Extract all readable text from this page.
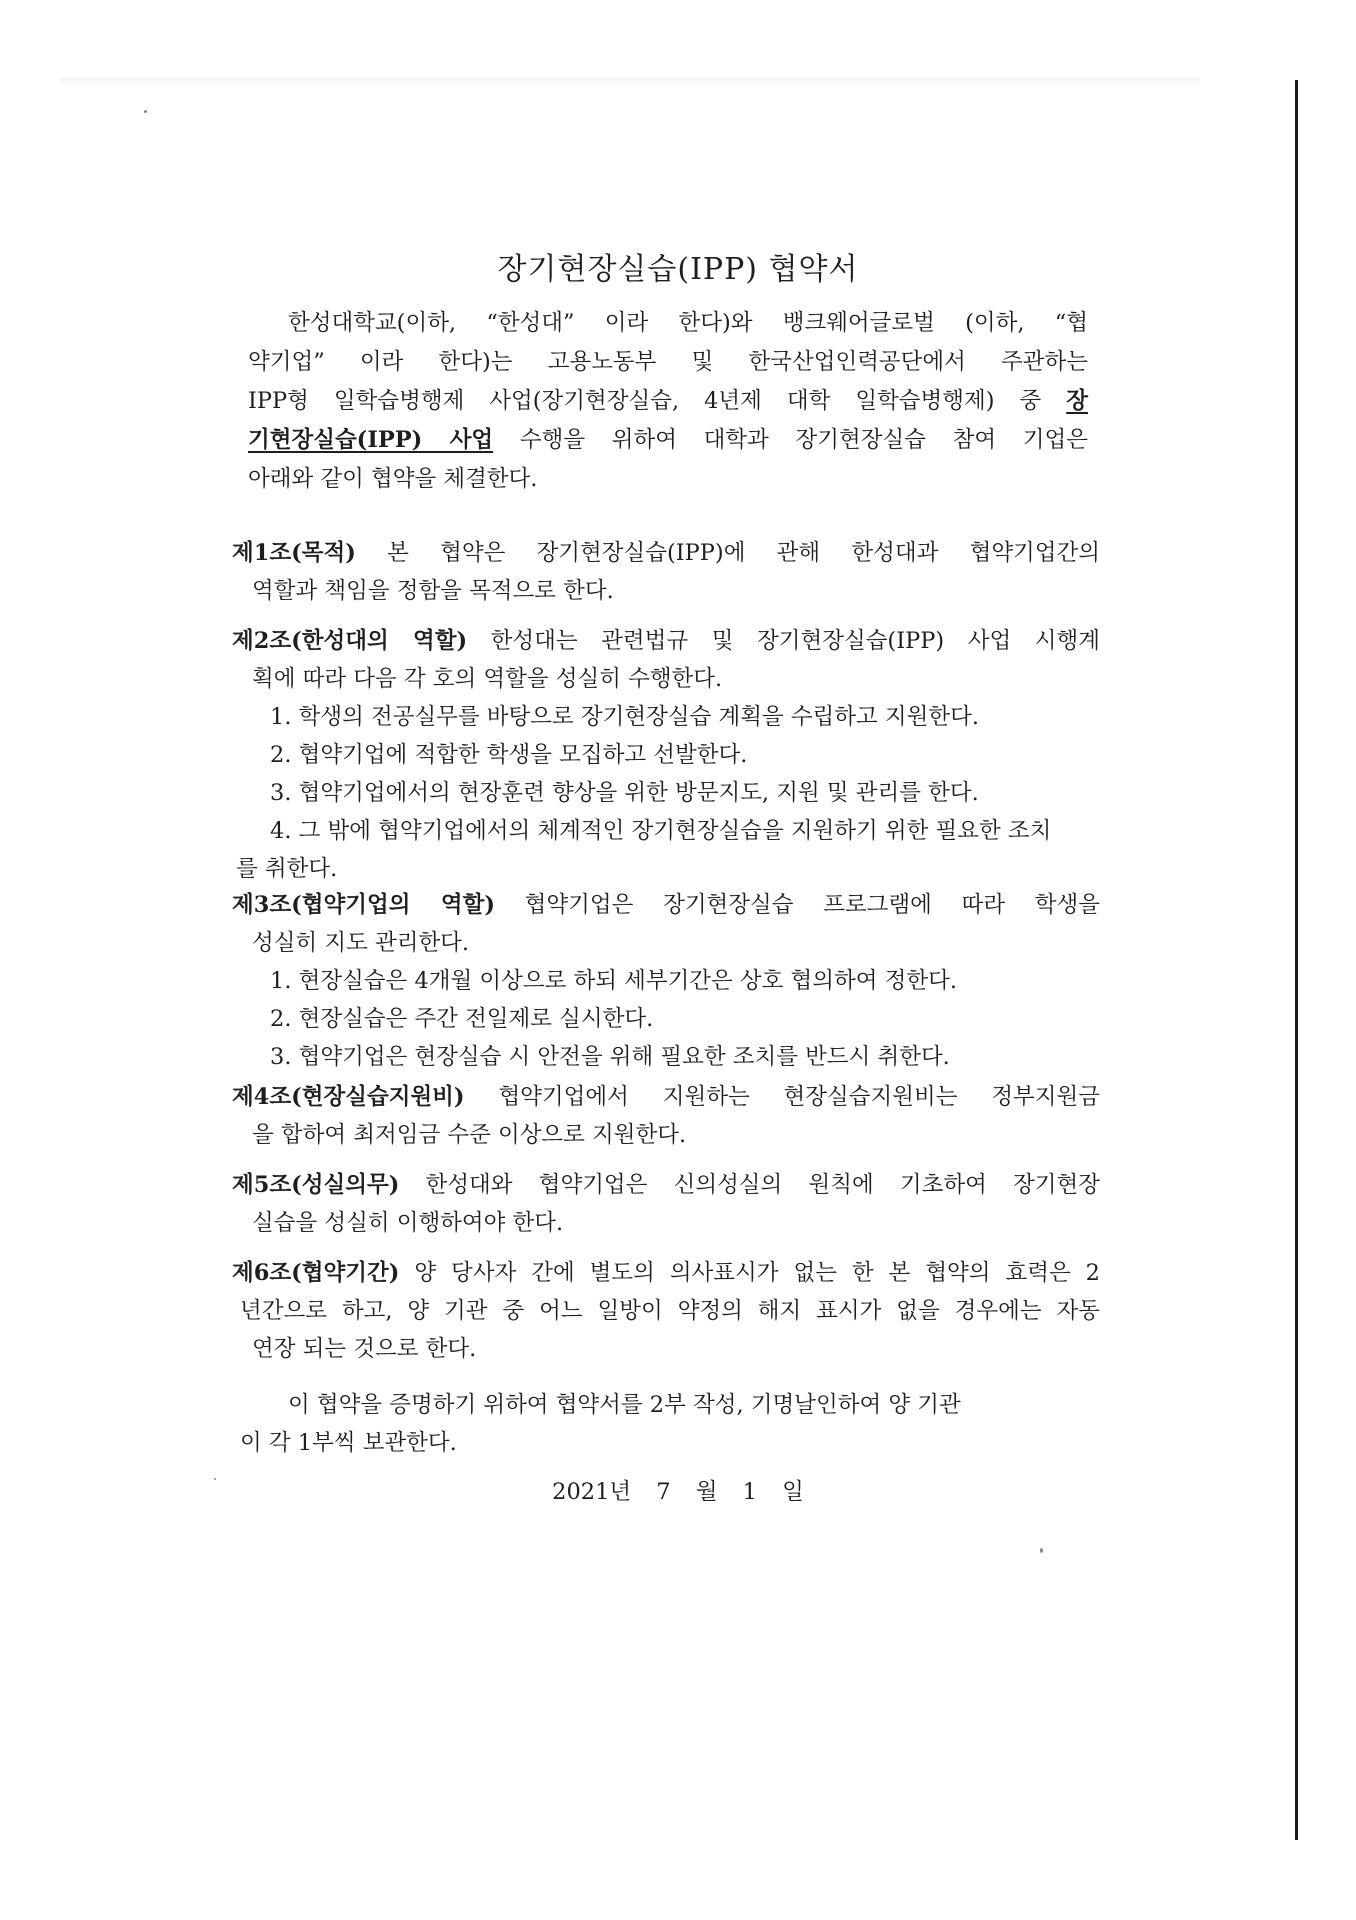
장기현장실습(IPP) 협약서
한성대학교(이하, “한성대” 이라 한다)와 뱅크웨어글로벌 (이하, “협
약기업” 이라 한다)는 고용노동부 및 한국산업인력공단에서 주관하는
IPP형 일학습병행제 사업(장기현장실습, 4년제 대학 일학습병행제) 중 장
기현장실습(IPP) 사업 수행을 위하여 대학과 장기현장실습 참여 기업은
아래와 같이 협약을 체결한다.
제1조(목적) 본 협약은 장기현장실습(IPP)에 관해 한성대과 협약기업간의
역할과 책임을 정함을 목적으로 한다.
제2조(한성대의 역할) 한성대는 관련법규 및 장기현장실습(IPP) 사업 시행계
획에 따라 다음 각 호의 역할을 성실히 수행한다.
1. 학생의 전공실무를 바탕으로 장기현장실습 계획을 수립하고 지원한다.
2. 협약기업에 적합한 학생을 모집하고 선발한다.
3. 협약기업에서의 현장훈련 향상을 위한 방문지도, 지원 및 관리를 한다.
4. 그 밖에 협약기업에서의 체계적인 장기현장실습을 지원하기 위한 필요한 조치
를 취한다.
제3조(협약기업의 역할) 협약기업은 장기현장실습 프로그램에 따라 학생을
성실히 지도 관리한다.
1. 현장실습은 4개월 이상으로 하되 세부기간은 상호 협의하여 정한다.
2. 현장실습은 주간 전일제로 실시한다.
3. 협약기업은 현장실습 시 안전을 위해 필요한 조치를 반드시 취한다.
제4조(현장실습지원비) 협약기업에서 지원하는 현장실습지원비는 정부지원금
을 합하여 최저임금 수준 이상으로 지원한다.
제5조(성실의무) 한성대와 협약기업은 신의성실의 원칙에 기초하여 장기현장
실습을 성실히 이행하여야 한다.
제6조(협약기간) 양 당사자 간에 별도의 의사표시가 없는 한 본 협약의 효력은 2
년간으로 하고, 양 기관 중 어느 일방이 약정의 해지 표시가 없을 경우에는 자동
연장 되는 것으로 한다.
이 협약을 증명하기 위하여 협약서를 2부 작성, 기명날인하여 양 기관
이 각 1부씩 보관한다.
2021년 7 월 1 일
